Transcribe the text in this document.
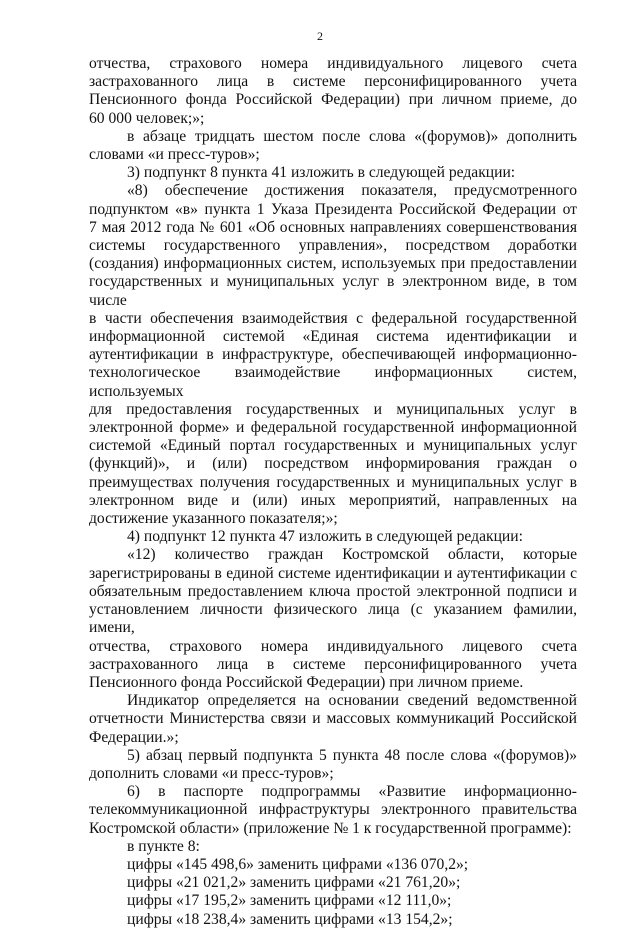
2
отчества, страхового номера индивидуального лицевого счета
застрахованного лица в системе персонифицированного учета
Пенсионного фонда Российской Федерации) при личном приеме, до
60 000 человек;»;
в абзаце тридцать шестом после слова «(форумов)» дополнить
словами «и пресс-туров»;
3) подпункт 8 пункта 41 изложить в следующей редакции:
«8) обеспечение достижения показателя, предусмотренного
подпунктом «в» пункта 1 Указа Президента Российской Федерации от
7 мая 2012 года № 601 «Об основных направлениях совершенствования
системы государственного управления», посредством доработки
(создания) информационных систем, используемых при предоставлении
государственных и муниципальных услуг в электронном виде, в том числе
в части обеспечения взаимодействия с федеральной государственной
информационной системой «Единая система идентификации и
аутентификации в инфраструктуре, обеспечивающей информационно-
технологическое взаимодействие информационных систем, используемых
для предоставления государственных и муниципальных услуг в
электронной форме» и федеральной государственной информационной
системой «Единый портал государственных и муниципальных услуг
(функций)», и (или) посредством информирования граждан о
преимуществах получения государственных и муниципальных услуг в
электронном виде и (или) иных мероприятий, направленных на
достижение указанного показателя;»;
4) подпункт 12 пункта 47 изложить в следующей редакции:
«12) количество граждан Костромской области, которые
зарегистрированы в единой системе идентификации и аутентификации с
обязательным предоставлением ключа простой электронной подписи и
установлением личности физического лица (с указанием фамилии, имени,
отчества, страхового номера индивидуального лицевого счета
застрахованного лица в системе персонифицированного учета
Пенсионного фонда Российской Федерации) при личном приеме.
Индикатор определяется на основании сведений ведомственной
отчетности Министерства связи и массовых коммуникаций Российской
Федерации.»;
5) абзац первый подпункта 5 пункта 48 после слова «(форумов)»
дополнить словами «и пресс-туров»;
6) в паспорте подпрограммы «Развитие информационно-
телекоммуникационной инфраструктуры электронного правительства
Костромской области» (приложение № 1 к государственной программе):
в пункте 8:
цифры «145 498,6» заменить цифрами «136 070,2»;
цифры «21 021,2» заменить цифрами «21 761,20»;
цифры «17 195,2» заменить цифрами «12 111,0»;
цифры «18 238,4» заменить цифрами «13 154,2»;
